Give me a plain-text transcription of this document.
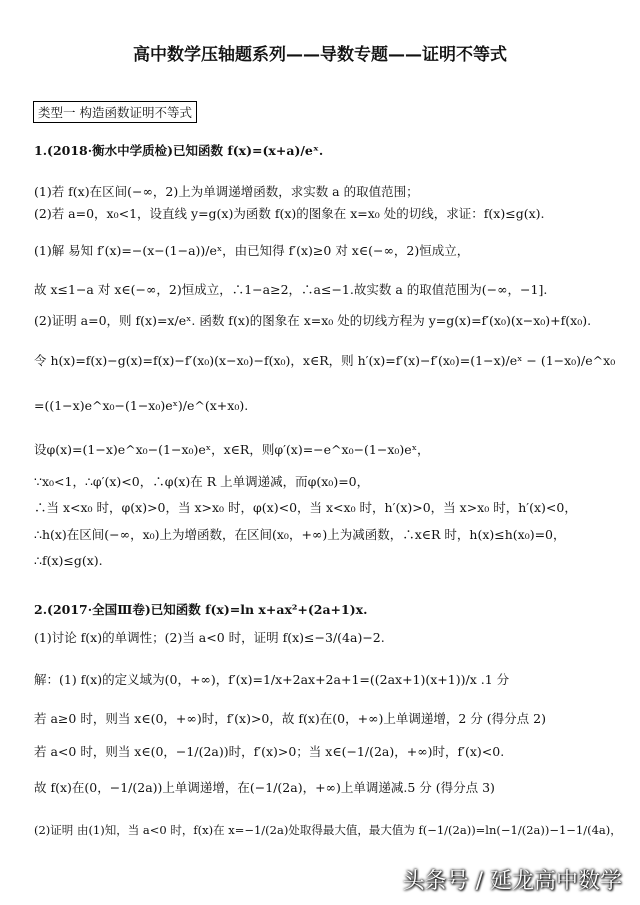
高中数学压轴题系列——导数专题——证明不等式
类型一 构造函数证明不等式
1.(2018·衡水中学质检)已知函数 f(x)=(x+a)/eˣ.
(1)若 f(x)在区间(−∞，2)上为单调递增函数，求实数 a 的取值范围；
(2)若 a=0，x₀<1，设直线 y=g(x)为函数 f(x)的图象在 x=x₀ 处的切线，求证：f(x)≤g(x).
(1)解 易知 f′(x)=−(x−(1−a))/eˣ，由已知得 f′(x)≥0 对 x∈(−∞，2)恒成立，
故 x≤1−a 对 x∈(−∞，2)恒成立，∴1−a≥2，∴a≤−1.故实数 a 的取值范围为(−∞，−1].
(2)证明 a=0，则 f(x)=x/eˣ. 函数 f(x)的图象在 x=x₀ 处的切线方程为 y=g(x)=f′(x₀)(x−x₀)+f(x₀).
令 h(x)=f(x)−g(x)=f(x)−f′(x₀)(x−x₀)−f(x₀)，x∈R，则 h′(x)=f′(x)−f′(x₀)=(1−x)/eˣ − (1−x₀)/e^x₀
=((1−x)e^x₀−(1−x₀)eˣ)/e^(x+x₀).
设φ(x)=(1−x)e^x₀−(1−x₀)eˣ，x∈R，则φ′(x)=−e^x₀−(1−x₀)eˣ，
∵x₀<1，∴φ′(x)<0，∴φ(x)在 R 上单调递减，而φ(x₀)=0，
∴当 x<x₀ 时，φ(x)>0，当 x>x₀ 时，φ(x)<0，当 x<x₀ 时，h′(x)>0，当 x>x₀ 时，h′(x)<0，
∴h(x)在区间(−∞，x₀)上为增函数，在区间(x₀，+∞)上为减函数，∴x∈R 时，h(x)≤h(x₀)=0，
∴f(x)≤g(x).
2.(2017·全国Ⅲ卷)已知函数 f(x)=ln x+ax²+(2a+1)x.
(1)讨论 f(x)的单调性；(2)当 a<0 时，证明 f(x)≤−3/(4a)−2.
解：(1) f(x)的定义域为(0，+∞)，f′(x)=1/x+2ax+2a+1=((2ax+1)(x+1))/x .1 分
若 a≥0 时，则当 x∈(0，+∞)时，f′(x)>0，故 f(x)在(0，+∞)上单调递增，2 分 (得分点 2)
若 a<0 时，则当 x∈(0，−1/(2a))时，f′(x)>0；当 x∈(−1/(2a)，+∞)时，f′(x)<0.
故 f(x)在(0，−1/(2a))上单调递增，在(−1/(2a)，+∞)上单调递减.5 分 (得分点 3)
(2)证明 由(1)知，当 a<0 时，f(x)在 x=−1/(2a)处取得最大值，最大值为 f(−1/(2a))=ln(−1/(2a))−1−1/(4a)，
头条号 / 延龙高中数学
